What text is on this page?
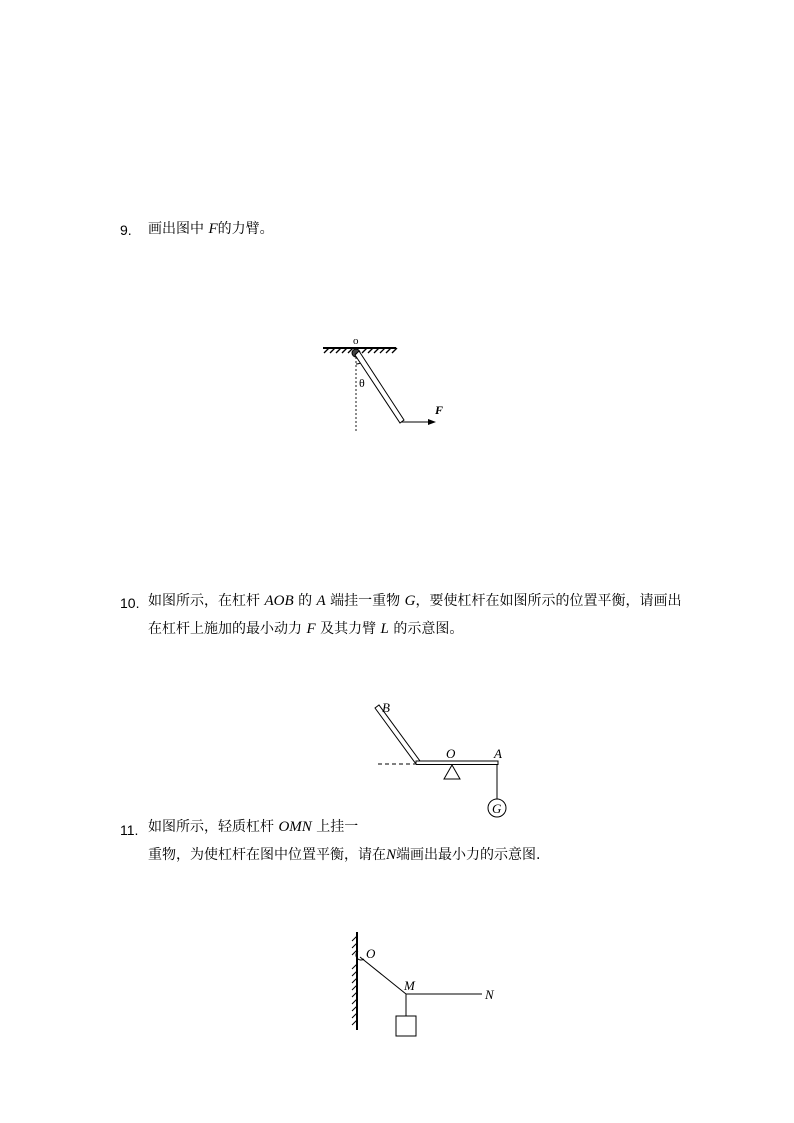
9. 画出图中 F的力臂。
o
θ
F
10. 如图所示，在杠杆 AOB 的 A 端挂一重物 G，要使杠杆在如图所示的位置平衡，请画出
在杠杆上施加的最小动力 F 及其力臂 L 的示意图。
B
O	A
G
11. 如图所示，轻质杠杆 OMN 上挂一
重物，为使杠杆在图中位置平衡，请在N端画出最小力的示意图.
O
M
N
